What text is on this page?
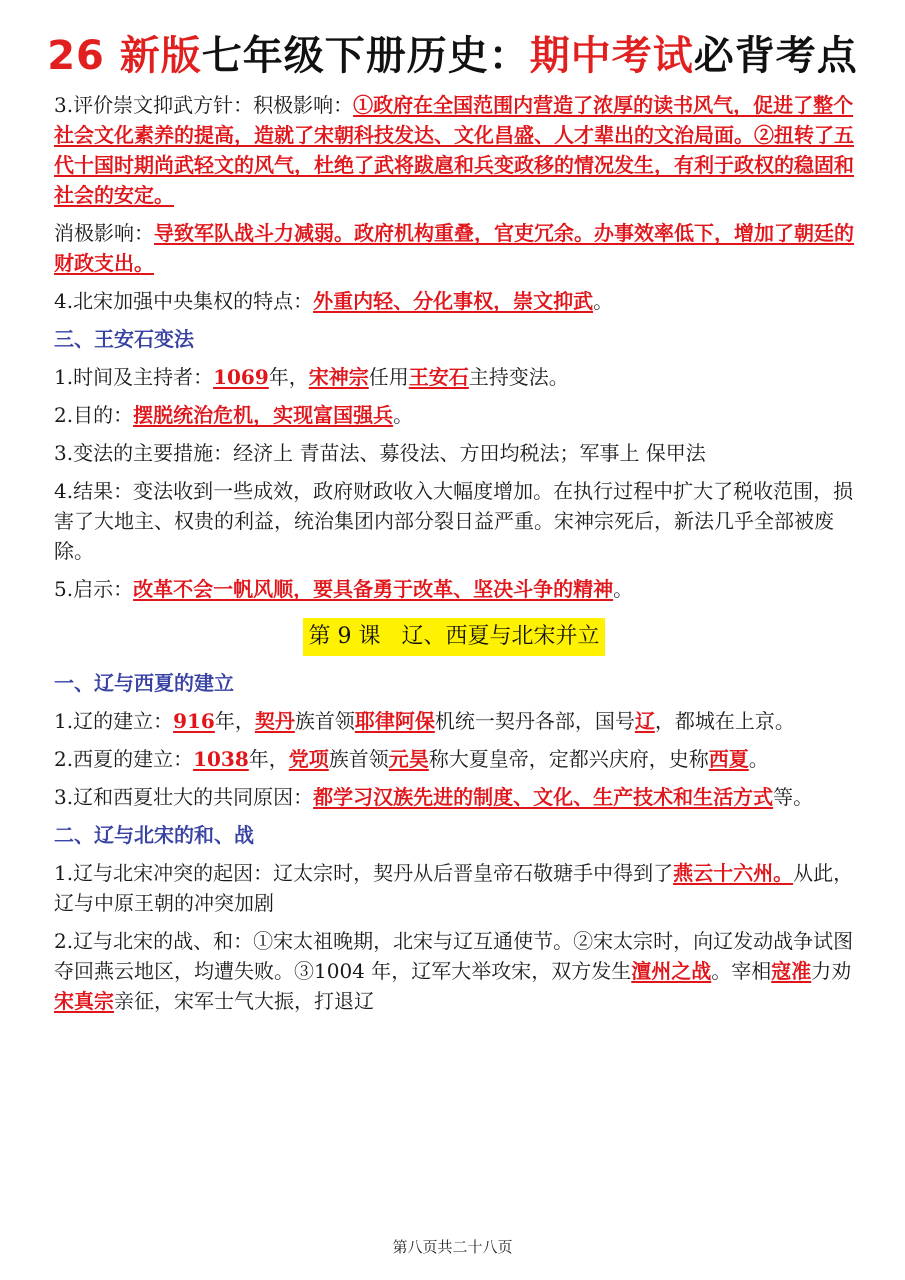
26 新版七年级下册历史：期中考试必背考点

3.评价崇文抑武方针：积极影响：①政府在全国范围内营造了浓厚的读书风气，促进了整个社会文化素养的提高，造就了宋朝科技发达、文化昌盛、人才辈出的文治局面。②扭转了五代十国时期尚武轻文的风气，杜绝了武将跋扈和兵变政移的情况发生，有利于政权的稳固和社会的安定。

消极影响：导致军队战斗力减弱。政府机构重叠，官吏冗余。办事效率低下，增加了朝廷的财政支出。

4.北宋加强中央集权的特点：外重内轻、分化事权，崇文抑武。

三、王安石变法

1.时间及主持者：1069年，宋神宗任用王安石主持变法。

2.目的：摆脱统治危机，实现富国强兵。

3.变法的主要措施：经济上 青苗法、募役法、方田均税法；军事上 保甲法

4.结果：变法收到一些成效，政府财政收入大幅度增加。在执行过程中扩大了税收范围，损害了大地主、权贵的利益，统治集团内部分裂日益严重。宋神宗死后，新法几乎全部被废除。

5.启示：改革不会一帆风顺，要具备勇于改革、坚决斗争的精神。

第 9 课   辽、西夏与北宋并立

一、辽与西夏的建立

1.辽的建立：916年，契丹族首领耶律阿保机统一契丹各部，国号辽，都城在上京。

2.西夏的建立：1038年，党项族首领元昊称大夏皇帝，定都兴庆府，史称西夏。

3.辽和西夏壮大的共同原因：都学习汉族先进的制度、文化、生产技术和生活方式等。

二、辽与北宋的和、战

1.辽与北宋冲突的起因：辽太宗时，契丹从后晋皇帝石敬瑭手中得到了燕云十六州。从此，辽与中原王朝的冲突加剧

2.辽与北宋的战、和：①宋太祖晚期，北宋与辽互通使节。②宋太宗时，向辽发动战争试图夺回燕云地区，均遭失败。③1004 年，辽军大举攻宋，双方发生澶州之战。宰相寇准力劝宋真宗亲征，宋军士气大振，打退辽

第八页共二十八页
